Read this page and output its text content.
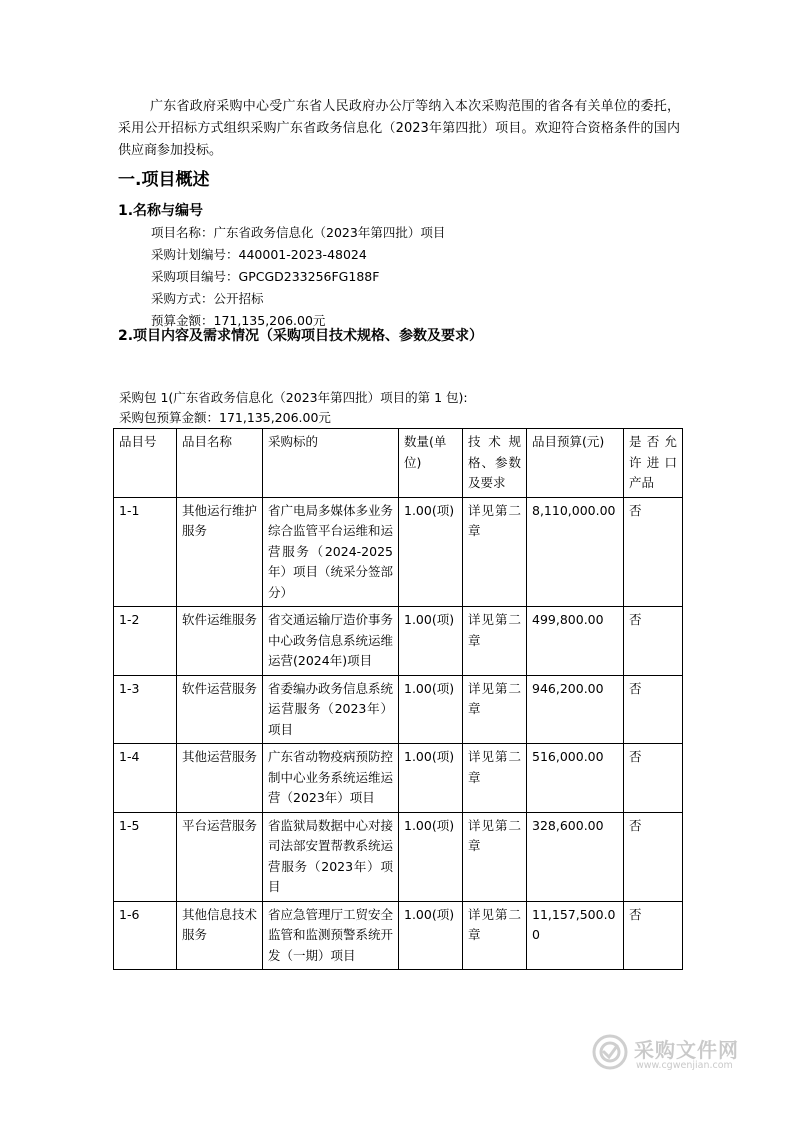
广东省政府采购中心受广东省人民政府办公厅等纳入本次采购范围的省各有关单位的委托，采用公开招标方式组织采购广东省政务信息化（2023年第四批）项目。欢迎符合资格条件的国内供应商参加投标。

一.项目概述
1.名称与编号
项目名称：广东省政务信息化（2023年第四批）项目
采购计划编号：440001-2023-48024
采购项目编号：GPCGD233256FG188F
采购方式：公开招标
预算金额：171,135,206.00元
2.项目内容及需求情况（采购项目技术规格、参数及要求）
采购包 1(广东省政务信息化（2023年第四批）项目的第 1 包):
采购包预算金额：171,135,206.00元
品目号	品目名称	采购标的	数量(单位)	技术规格、参数及要求	品目预算(元)	是否允许进口产品
1-1	其他运行维护服务	省广电局多媒体多业务综合监管平台运维和运营服务（2024-2025年）项目（统采分签部分）	1.00(项)	详见第二章	8,110,000.00	否
1-2	软件运维服务	省交通运输厅造价事务中心政务信息系统运维运营(2024年)项目	1.00(项)	详见第二章	499,800.00	否
1-3	软件运营服务	省委编办政务信息系统运营服务（2023年）项目	1.00(项)	详见第二章	946,200.00	否
1-4	其他运营服务	广东省动物疫病预防控制中心业务系统运维运营（2023年）项目	1.00(项)	详见第二章	516,000.00	否
1-5	平台运营服务	省监狱局数据中心对接司法部安置帮教系统运营服务（2023年）项目	1.00(项)	详见第二章	328,600.00	否
1-6	其他信息技术服务	省应急管理厅工贸安全监管和监测预警系统开发（一期）项目	1.00(项)	详见第二章	11,157,500.00	否
采购文件网
www.cgwenjian.com
